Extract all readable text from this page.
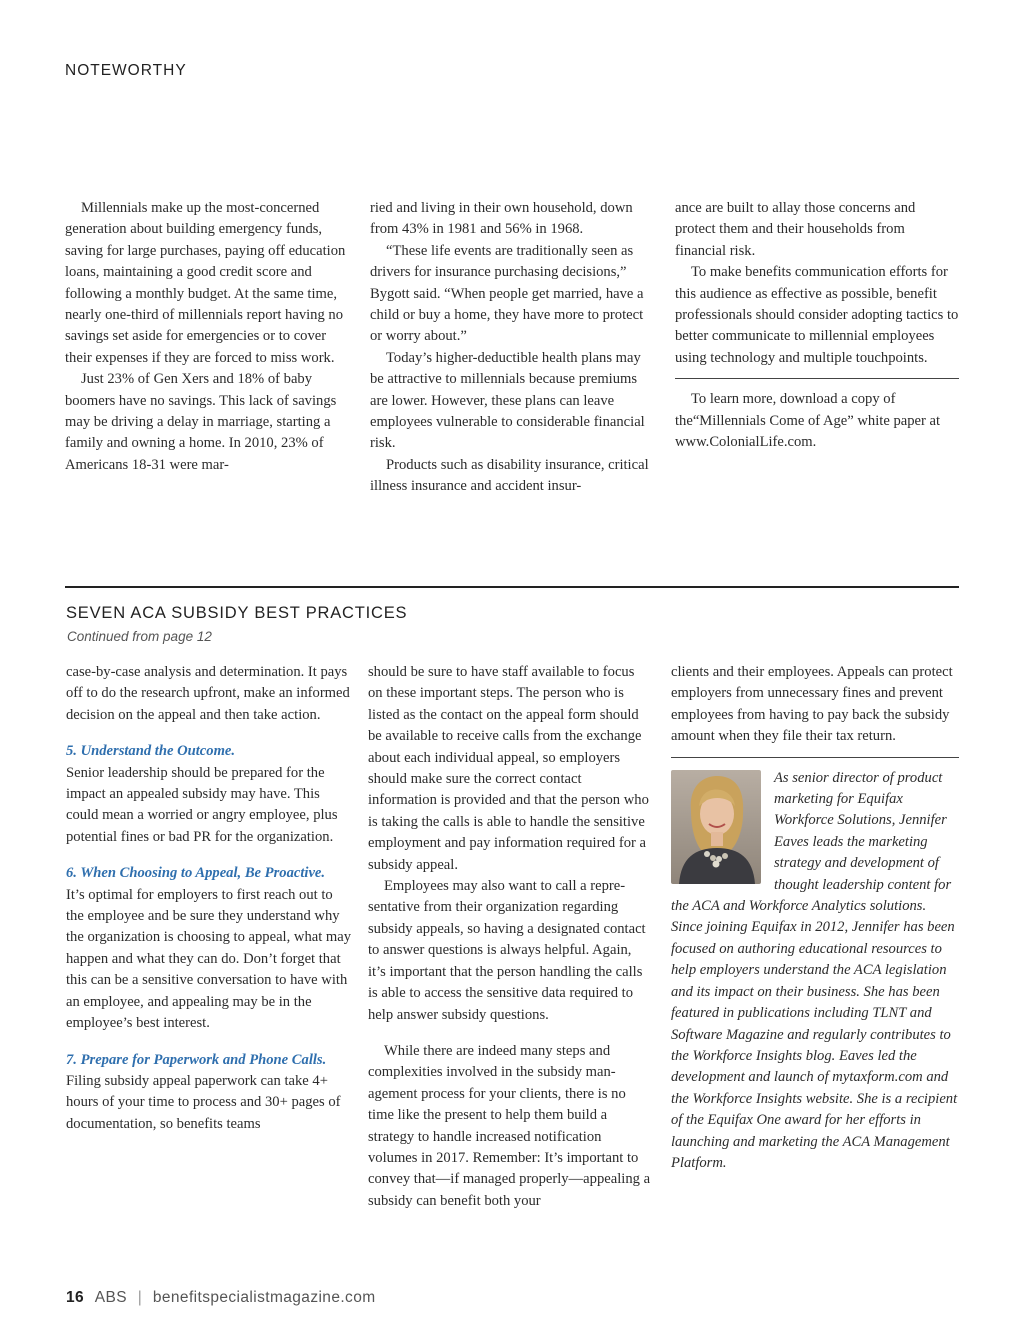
NOTEWORTHY

Millennials make up the most-concerned generation about building emergency funds, saving for large purchases, paying off education loans, maintaining a good credit score and following a monthly budget. At the same time, nearly one-third of millennials report having no savings set aside for emergencies or to cover their expenses if they are forced to miss work.

Just 23% of Gen Xers and 18% of baby boomers have no savings. This lack of savings may be driving a delay in marriage, starting a family and owning a home. In 2010, 23% of Americans 18-31 were mar-

ried and living in their own household, down from 43% in 1981 and 56% in 1968.

“These life events are traditionally seen as drivers for insurance purchasing decisions,” Bygott said. “When people get married, have a child or buy a home, they have more to protect or worry about.”

Today’s higher-deductible health plans may be attractive to millennials because premiums are lower. However, these plans can leave employees vulnerable to considerable financial risk.

Products such as disability insurance, critical illness insurance and accident insur-

ance are built to allay those concerns and protect them and their households from financial risk.

To make benefits communication efforts for this audience as effective as possible, benefit professionals should consider adopting tactics to better communicate to millennial employees using technology and multiple touchpoints.

To learn more, download a copy of the“Millennials Come of Age” white paper at www.ColonialLife.com.

SEVEN ACA SUBSIDY BEST PRACTICES
Continued from page 12

case-by-case analysis and determination. It pays off to do the research upfront, make an informed decision on the appeal and then take action.

5. Understand the Outcome.

Senior leadership should be prepared for the impact an appealed subsidy may have. This could mean a worried or angry employee, plus potential fines or bad PR for the organization.

6. When Choosing to Appeal, Be Proactive.

It’s optimal for employers to first reach out to the employee and be sure they understand why the organization is choosing to appeal, what may happen and what they can do. Don’t forget that this can be a sensitive conversation to have with an employee, and appealing may be in the employee’s best interest.

7. Prepare for Paperwork and Phone Calls.

Filing subsidy appeal paperwork can take 4+ hours of your time to process and 30+ pages of documentation, so benefits teams

should be sure to have staff available to focus on these important steps. The person who is listed as the contact on the appeal form should be available to receive calls from the exchange about each individual appeal, so employers should make sure the correct contact information is provided and that the person who is taking the calls is able to handle the sensitive employment and pay information required for a subsidy appeal.

Employees may also want to call a representative from their organization regarding subsidy appeals, so having a designated contact to answer questions is always helpful. Again, it’s important that the person handling the calls is able to access the sensitive data required to help answer subsidy questions.

While there are indeed many steps and complexities involved in the subsidy management process for your clients, there is no time like the present to help them build a strategy to handle increased notification volumes in 2017. Remember: It’s important to convey that—if managed properly—appealing a subsidy can benefit both your

clients and their employees. Appeals can protect employers from unnecessary fines and prevent employees from having to pay back the subsidy amount when they file their tax return.

As senior director of product marketing for Equifax Workforce Solutions, Jennifer Eaves leads the marketing strategy and development of thought leadership content for the ACA and Workforce Analytics solutions. Since joining Equifax in 2012, Jennifer has been focused on authoring educational resources to help employers understand the ACA legislation and its impact on their business. She has been featured in publications including TLNT and Software Magazine and regularly contributes to the Workforce Insights blog. Eaves led the development and launch of mytaxform.com and the Workforce Insights website. She is a recipient of the Equifax One award for her efforts in launching and marketing the ACA Management Platform.

16 ABS | benefitspecialistmagazine.com
